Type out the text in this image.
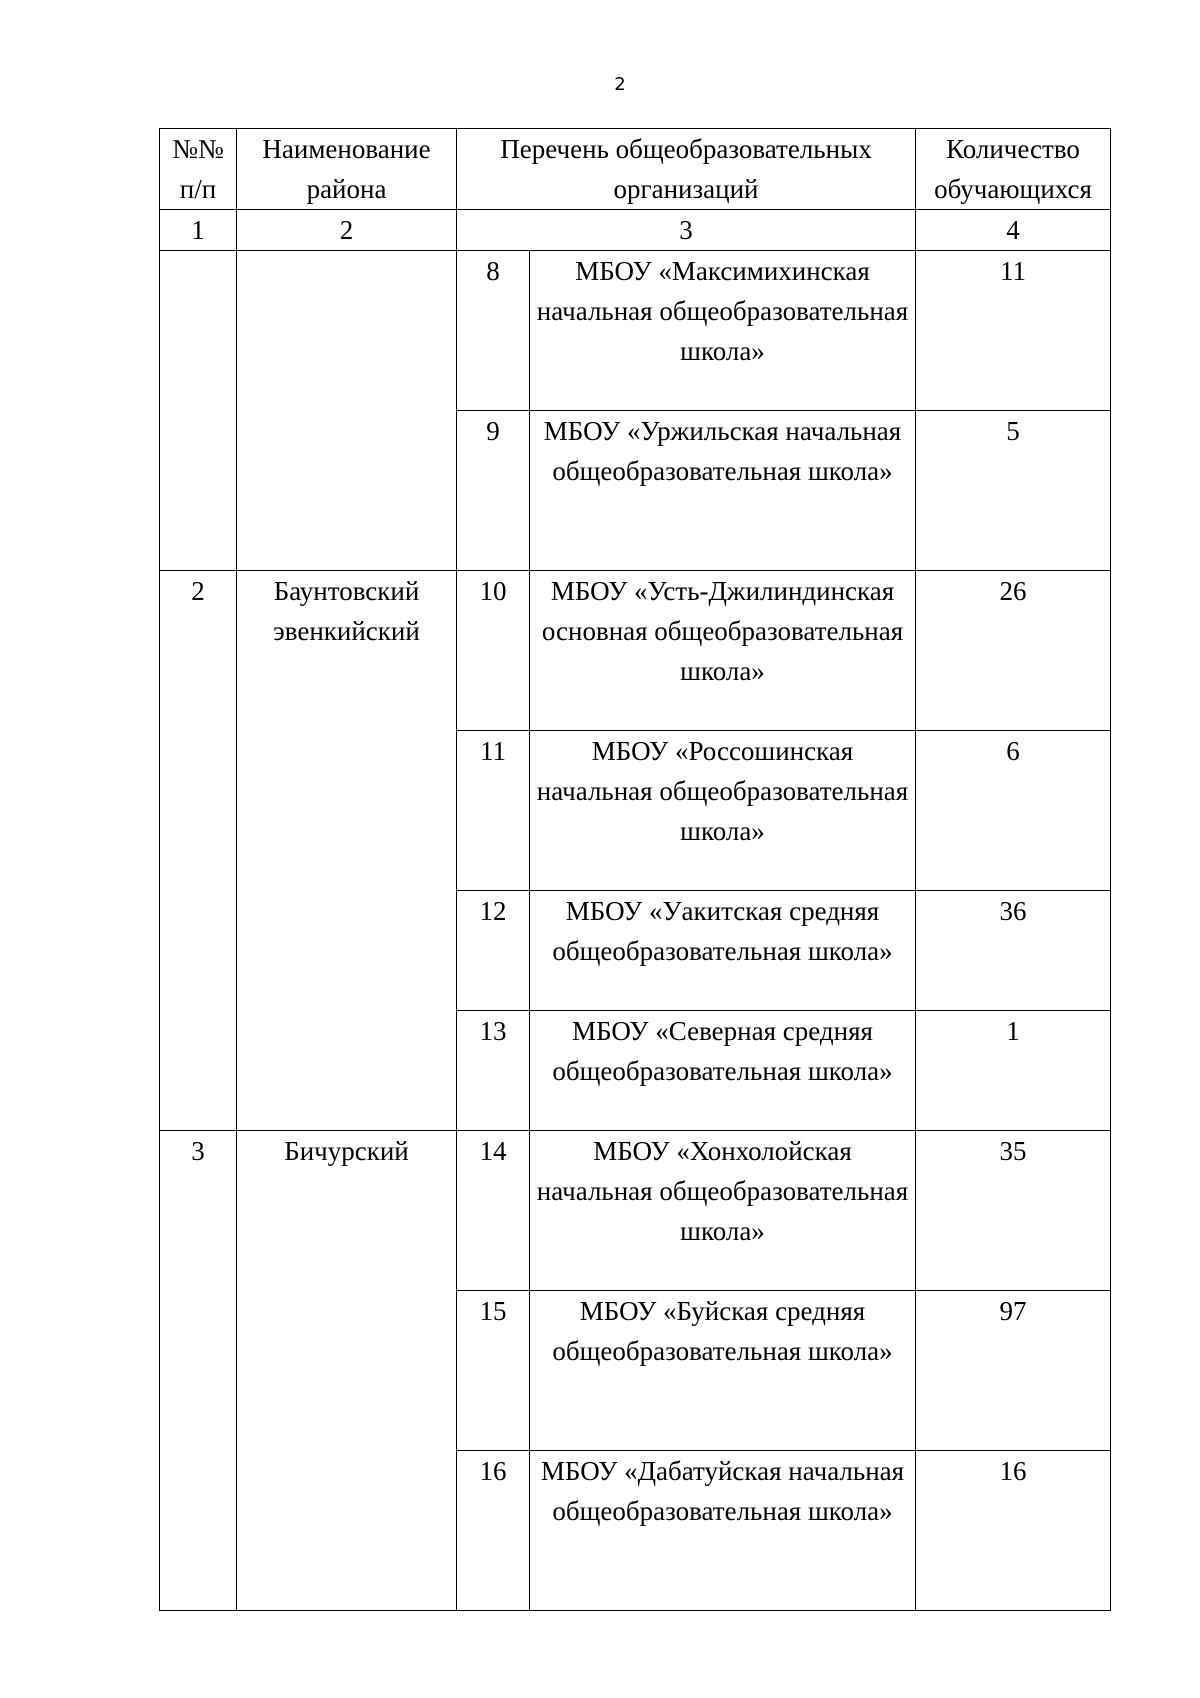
2
№№ п/п	Наименование района	Перечень общеобразовательных организаций		Количество обучающихся
1	2	3		4
		8	МБОУ «Максимихинская начальная общеобразовательная школа»	11
		9	МБОУ «Уржильская начальная общеобразовательная школа»	5
2	Баунтовский эвенкийский	10	МБОУ «Усть-Джилиндинская основная общеобразовательная школа»	26
		11	МБОУ «Россошинская начальная общеобразовательная школа»	6
		12	МБОУ «Уакитская средняя общеобразовательная школа»	36
		13	МБОУ «Северная средняя общеобразовательная школа»	1
3	Бичурский	14	МБОУ «Хонхолойская начальная общеобразовательная школа»	35
		15	МБОУ «Буйская средняя общеобразовательная школа»	97
		16	МБОУ «Дабатуйская начальная общеобразовательная школа»	16
